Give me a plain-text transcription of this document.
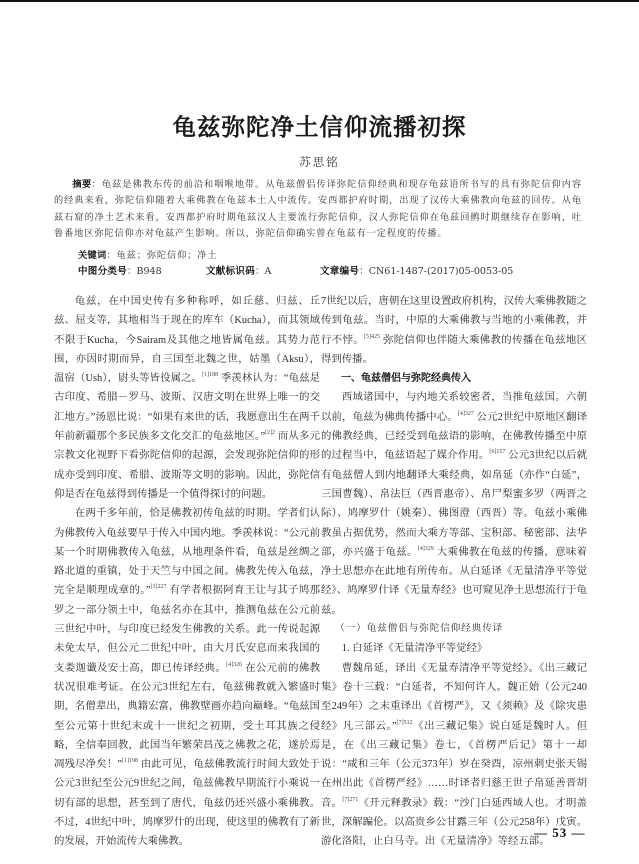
龟兹弥陀净土信仰流播初探
苏思铭
摘要：龟兹是佛教东传的前沿和咽喉地带。从龟兹僧侣传译弥陀信仰经典和现存龟兹语所书写的具有弥陀信仰内容的经典来看，弥陀信仰随着大乘佛教在龟兹本土人中流传。安西都护府时期，出现了汉传大乘佛教向龟兹的回传。从龟兹石窟的净土艺术来看，安西都护府时期龟兹汉人主要流行弥陀信仰，汉人弥陀信仰在龟兹回鹘时期继续存在影响，吐鲁番地区弥陀信仰亦对龟兹产生影响。所以，弥陀信仰确实曾在龟兹有一定程度的传播。
关键词：龟兹；弥陀信仰；净土
中图分类号：B948	文献标识码：A	文章编号：CN61-1487-(2017)05-0053-05

龟兹，在中国史传有多种称呼，如丘慈、归兹、丘兹、屈支等，其地相当于现在的库车（Kucha），而其领域不限于Kucha，今Sairam及其他之地皆属龟兹。其势力范围，亦因时期而异，自三国至北魏之世，姑墨（Aksu），温宿（Ush），尉头等皆役属之。$^{[1]188}$ 季羡林认为：“龟兹是古印度、希腊－罗马、波斯、汉唐文明在世界上唯一的交汇地方。”汤恩比说：“如果有来世的话，我愿意出生在两千年前新疆那个多民族多文化交汇的龟兹地区。”$^{[2]2}$ 而从多元宗教文化视野下看弥陀信仰的起源，会发现弥陀信仰的形成亦受到印度、希腊、波斯等文明的影响。因此，弥陀信仰是否在龟兹得到传播是一个值得探讨的问题。

在两千多年前，恰是佛教初传龟兹的时期。学者们认为佛教传入龟兹要早于传入中国内地。季羡林说：“公元前某一个时期佛教传入龟兹，从地理条件看，龟兹是丝绸之路北道的重镇，处于天竺与中国之间。佛教先传入龟兹，完全是顺理成章的。”$^{[3]227}$ 有学者根据阿育王让与其子鸠那罗之一部分领土中，龟兹名亦在其中，推测龟兹在公元前三世纪中叶，与印度已经发生佛教的关系。此一传说起源未免太早，但公元二世纪中叶，由大月氏安息而来我国的支娄迦谶及安士高，即已传译经典。$^{[4]326}$ 在公元前的佛教状况很难考证。在公元3世纪左右，龟兹佛教就入繁盛时期，名僧辈出，典籍宏富，佛教壁画亦趋向巅峰。“龟兹国至公元第十世纪末或十一世纪之初期，受土耳其族之侵略，全信奉回教，此国当年繁荣昌茂之佛教之花，遂於焉凋残尽净矣！”$^{[1]198}$ 由此可见，龟兹佛教流行时间大致处于公元3世纪至公元9世纪之间，龟兹佛教早期流行小乘说一切有部的思想，甚至到了唐代，龟兹仍还兴盛小乘佛教。不过，4世纪中叶，鸠摩罗什的出现，使这里的佛教有了新的发展，开始流传大乘佛教。

7世纪以后，唐朝在这里设置政府机构，汉传大乘佛教随之传到龟兹。当时，中原的大乘佛教与当地的小乘佛教，并行不悖。$^{[5]425}$ 弥陀信仰也伴随大乘佛教的传播在龟兹地区得到传播。

一、龟兹僧侣与弥陀经典传入

西域诸国中，与内地关系较密者，当推龟兹国。六朝以前，龟兹为佛典传播中心。$^{[4]327}$ 公元2世纪中原地区翻译的佛教经典，已经受到龟兹语的影响，在佛教传播至中原的过程当中，龟兹语起了媒介作用。$^{[6]157}$ 公元3世纪以后就有龟兹僧人到内地翻译大乘经典，如帛延（亦作“白延”，三国曹魏）、帛法巨（西晋惠帝）、帛尸梨蜜多罗（两晋之际）、鸠摩罗什（姚秦）、佛图澄（西晋）等。龟兹小乘佛教虽占据优势，然而大乘方等部、宝积部、秘密部、法华部，亦兴盛于龟兹。$^{[4]329}$ 大乘佛教在龟兹的传播，意味着净土思想亦在此地有所传布。从白延译《无量清净平等觉经》、鸠摩罗什译《无量寿经》也可窥见净土思想流行于龟兹。

（一）龟兹僧侣与弥陀信仰经典传译
1. 白延译《无量清净平等觉经》

曹魏帛延，译出《无量寿清净平等觉经》。《出三藏记集》卷十三载：“白延者，不知何许人。魏正始（公元240至249年）之末重译出《首楞严》，又《须赖》及《除灾患经》凡三部云。”$^{[7]512}$《出三藏记集》说白延是魏时人。但是，在《出三藏记集》卷七，《首楞严后记》第十一却说：“咸和三年（公元373年）岁在癸酉，凉州刺史张天锡在州出此《首楞严经》……时译者归慈王世子帛延善晋胡音。$^{[7]271}$《开元释教录》载：“沙门白延西域人也。才明盖世，深解蹁伦。以高贵乡公甘露三年（公元258年）戊寅。游化洛阳，止白马寺。出《无量清净》等经五部。

— 53 —
